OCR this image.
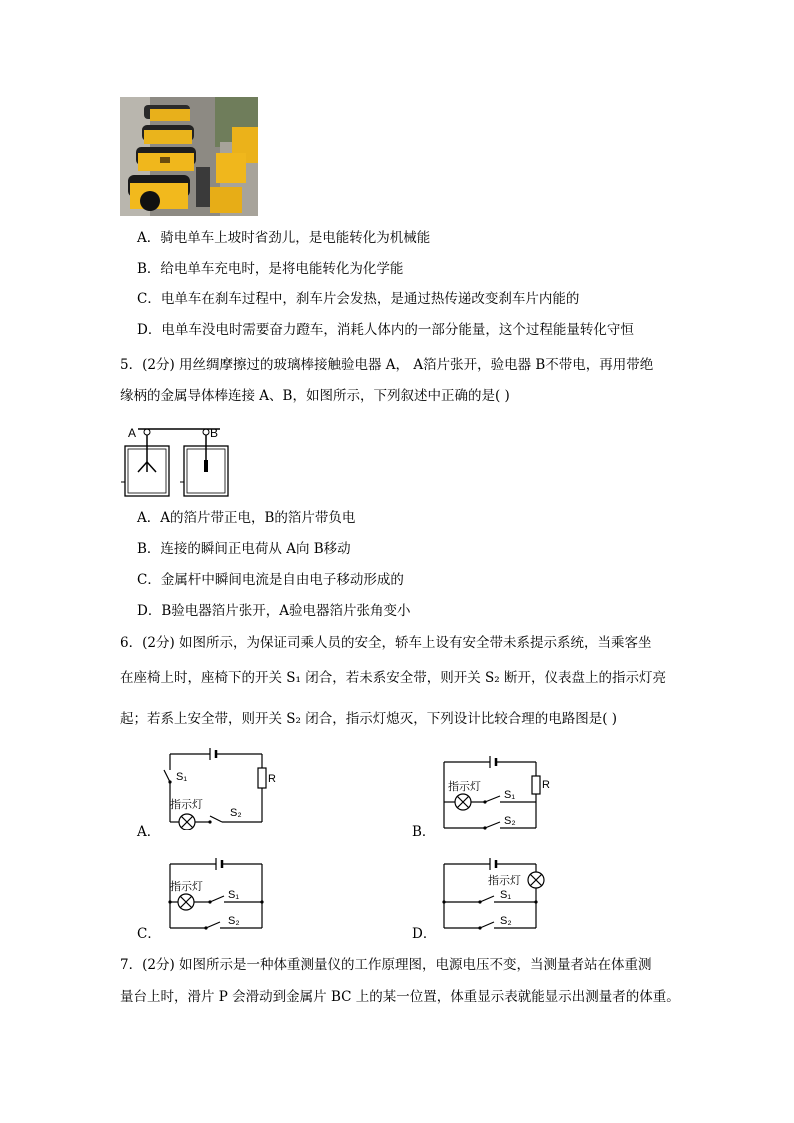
A．骑电单车上坡时省劲儿，是电能转化为机械能
B．给电单车充电时，是将电能转化为化学能
C．电单车在刹车过程中，刹车片会发热，是通过热传递改变刹车片内能的
D．电单车没电时需要奋力蹬车，消耗人体内的一部分能量，这个过程能量转化守恒
5．(2分) 用丝绸摩擦过的玻璃棒接触验电器 A， A箔片张开，验电器 B不带电，再用带绝
缘柄的金属导体棒连接 A、B，如图所示，下列叙述中正确的是( )
A	B
A．A的箔片带正电，B的箔片带负电
B．连接的瞬间正电荷从 A向 B移动
C．金属杆中瞬间电流是自由电子移动形成的
D．B验电器箔片张开，A验电器箔片张角变小
6．(2分) 如图所示，为保证司乘人员的安全，轿车上设有安全带未系提示系统，当乘客坐
在座椅上时，座椅下的开关 S₁ 闭合，若未系安全带，则开关 S₂ 断开，仪表盘上的指示灯亮
起；若系上安全带，则开关 S₂ 闭合，指示灯熄灭，下列设计比较合理的电路图是( )
A．
S₁	R
指示灯
S₂
B．
指示灯
S₁
R
S₂
C．
指示灯
S₁
S₂
D．
指示灯
S₁
S₂
7．(2分) 如图所示是一种体重测量仪的工作原理图，电源电压不变，当测量者站在体重测
量台上时，滑片 P 会滑动到金属片 BC 上的某一位置，体重显示表就能显示出测量者的体重。
